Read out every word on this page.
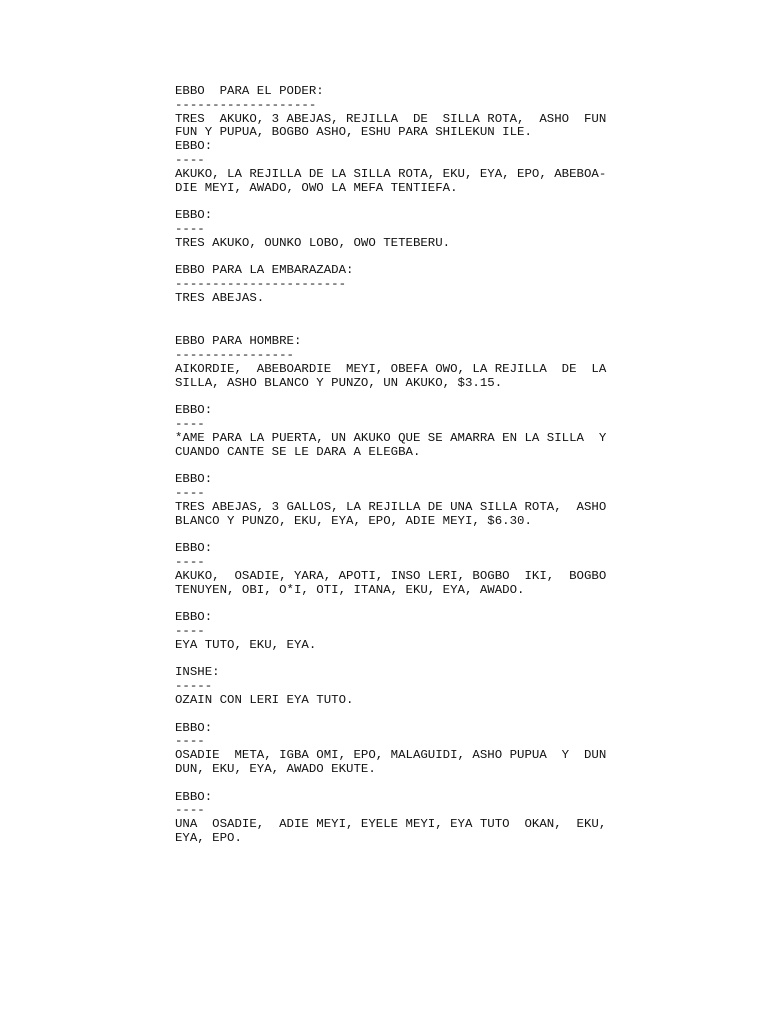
EBBO  PARA EL PODER:
-------------------
TRES  AKUKO, 3 ABEJAS, REJILLA  DE  SILLA ROTA,  ASHO  FUN
FUN Y PUPUA, BOGBO ASHO, ESHU PARA SHILEKUN ILE.
EBBO:
----
AKUKO, LA REJILLA DE LA SILLA ROTA, EKU, EYA, EPO, ABEBOA-
DIE MEYI, AWADO, OWO LA MEFA TENTIEFA.
EBBO:
----
TRES AKUKO, OUNKO LOBO, OWO TETEBERU.
EBBO PARA LA EMBARAZADA:
-----------------------
TRES ABEJAS.
EBBO PARA HOMBRE:
----------------
AIKORDIE,  ABEBOARDIE  MEYI, OBEFA OWO, LA REJILLA  DE  LA
SILLA, ASHO BLANCO Y PUNZO, UN AKUKO, $3.15.
EBBO:
----
*AME PARA LA PUERTA, UN AKUKO QUE SE AMARRA EN LA SILLA  Y
CUANDO CANTE SE LE DARA A ELEGBA.
EBBO:
----
TRES ABEJAS, 3 GALLOS, LA REJILLA DE UNA SILLA ROTA,  ASHO
BLANCO Y PUNZO, EKU, EYA, EPO, ADIE MEYI, $6.30.
EBBO:
----
AKUKO,  OSADIE, YARA, APOTI, INSO LERI, BOGBO  IKI,  BOGBO
TENUYEN, OBI, O*I, OTI, ITANA, EKU, EYA, AWADO.
EBBO:
----
EYA TUTO, EKU, EYA.
INSHE:
-----
OZAIN CON LERI EYA TUTO.
EBBO:
----
OSADIE  META, IGBA OMI, EPO, MALAGUIDI, ASHO PUPUA  Y  DUN
DUN, EKU, EYA, AWADO EKUTE.
EBBO:
----
UNA  OSADIE,  ADIE MEYI, EYELE MEYI, EYA TUTO  OKAN,  EKU,
EYA, EPO.
